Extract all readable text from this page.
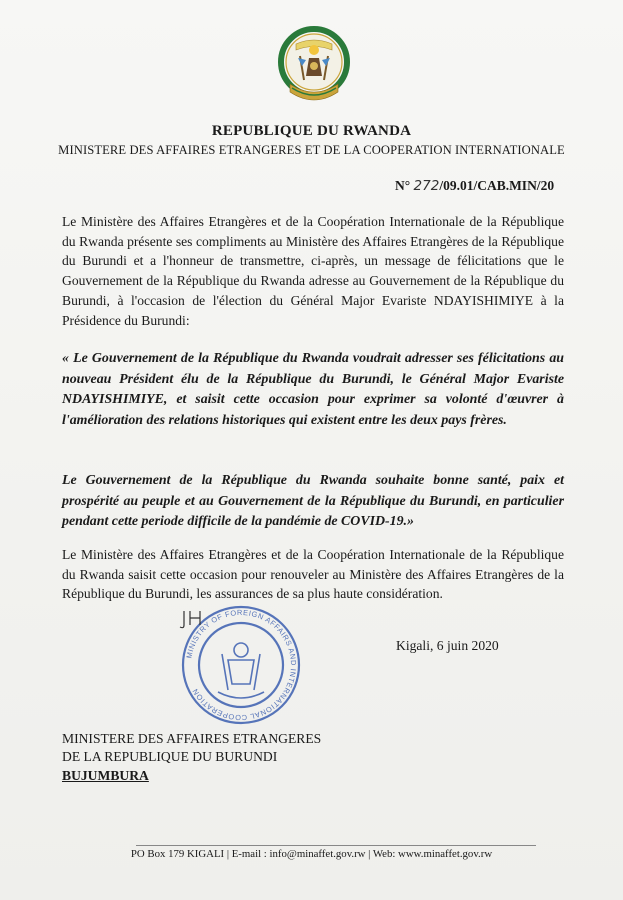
REPUBLIQUE DU RWANDA
MINISTERE DES AFFAIRES ETRANGERES ET DE LA COOPERATION INTERNATIONALE
N° 272/09.01/CAB.MIN/20

Le Ministère des Affaires Etrangères et de la Coopération Internationale de la République du Rwanda présente ses compliments au Ministère des Affaires Etrangères de la République du Burundi et a l'honneur de transmettre, ci-après, un message de félicitations que le Gouvernement de la République du Rwanda adresse au Gouvernement de la République du Burundi, à l'occasion de l'élection du Général Major Evariste NDAYISHIMIYE à la Présidence du Burundi:

« Le Gouvernement de la République du Rwanda voudrait adresser ses félicitations au nouveau Président élu de la République du Burundi, le Général Major Evariste NDAYISHIMIYE, et saisit cette occasion pour exprimer sa volonté d'œuvrer à l'amélioration des relations historiques qui existent entre les deux pays frères.

Le Gouvernement de la République du Rwanda souhaite bonne santé, paix et prospérité au peuple et au Gouvernement de la République du Burundi, en particulier pendant cette periode difficile de la pandémie de COVID-19.»

Le Ministère des Affaires Etrangères et de la Coopération Internationale de la République du Rwanda saisit cette occasion pour renouveler au Ministère des Affaires Etrangères de la République du Burundi, les assurances de sa plus haute considération.

Kigali, 6 juin 2020
MINISTRY OF FOREIGN AFFAIRS AND INTERNATIONAL COOPERATION
MINISTERE DES AFFAIRES ETRANGERES
DE LA REPUBLIQUE DU BURUNDI
BUJUMBURA
PO Box 179 KIGALI | E-mail : info@minaffet.gov.rw | Web: www.minaffet.gov.rw
